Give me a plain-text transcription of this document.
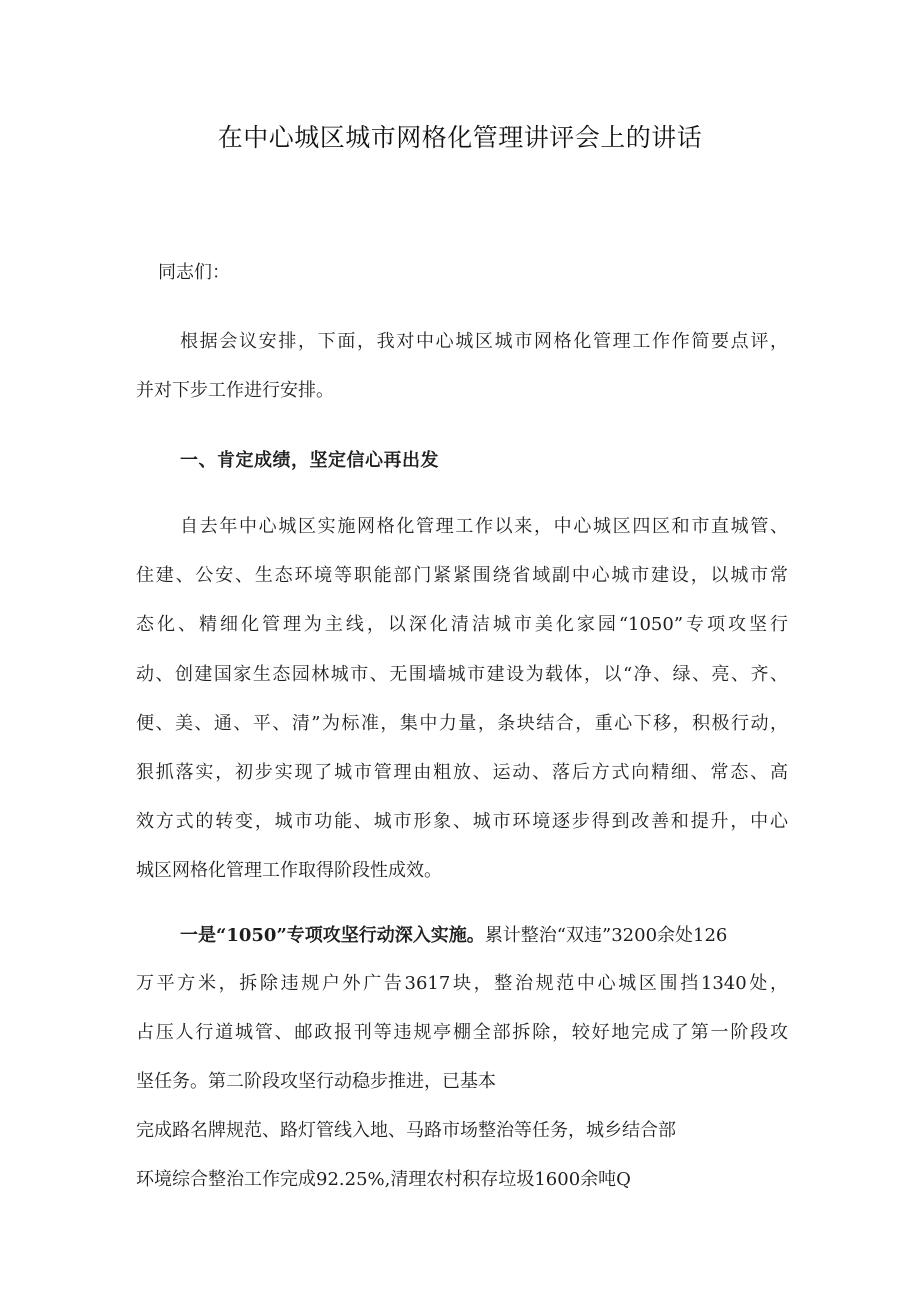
在中心城区城市网格化管理讲评会上的讲话
同志们：
根据会议安排，下面，我对中心城区城市网格化管理工作作简要点评，
并对下步工作进行安排。
一、肯定成绩，坚定信心再出发
自去年中心城区实施网格化管理工作以来，中心城区四区和市直城管、
住建、公安、生态环境等职能部门紧紧围绕省域副中心城市建设，以城市常
态化、精细化管理为主线，以深化清洁城市美化家园“1050”专项攻坚行
动、创建国家生态园林城市、无围墙城市建设为载体，以“净、绿、亮、齐、
便、美、通、平、清”为标准，集中力量，条块结合，重心下移，积极行动，
狠抓落实，初步实现了城市管理由粗放、运动、落后方式向精细、常态、高
效方式的转变，城市功能、城市形象、城市环境逐步得到改善和提升，中心
城区网格化管理工作取得阶段性成效。
一是“1050”专项攻坚行动深入实施。累计整治“双违”3200余处126
万平方米，拆除违规户外广告3617块，整治规范中心城区围挡1340处，
占压人行道城管、邮政报刊等违规亭棚全部拆除，较好地完成了第一阶段攻
坚任务。第二阶段攻坚行动稳步推进，已基本
完成路名牌规范、路灯管线入地、马路市场整治等任务，城乡结合部
环境综合整治工作完成92.25%,清理农村积存垃圾1600余吨Q
